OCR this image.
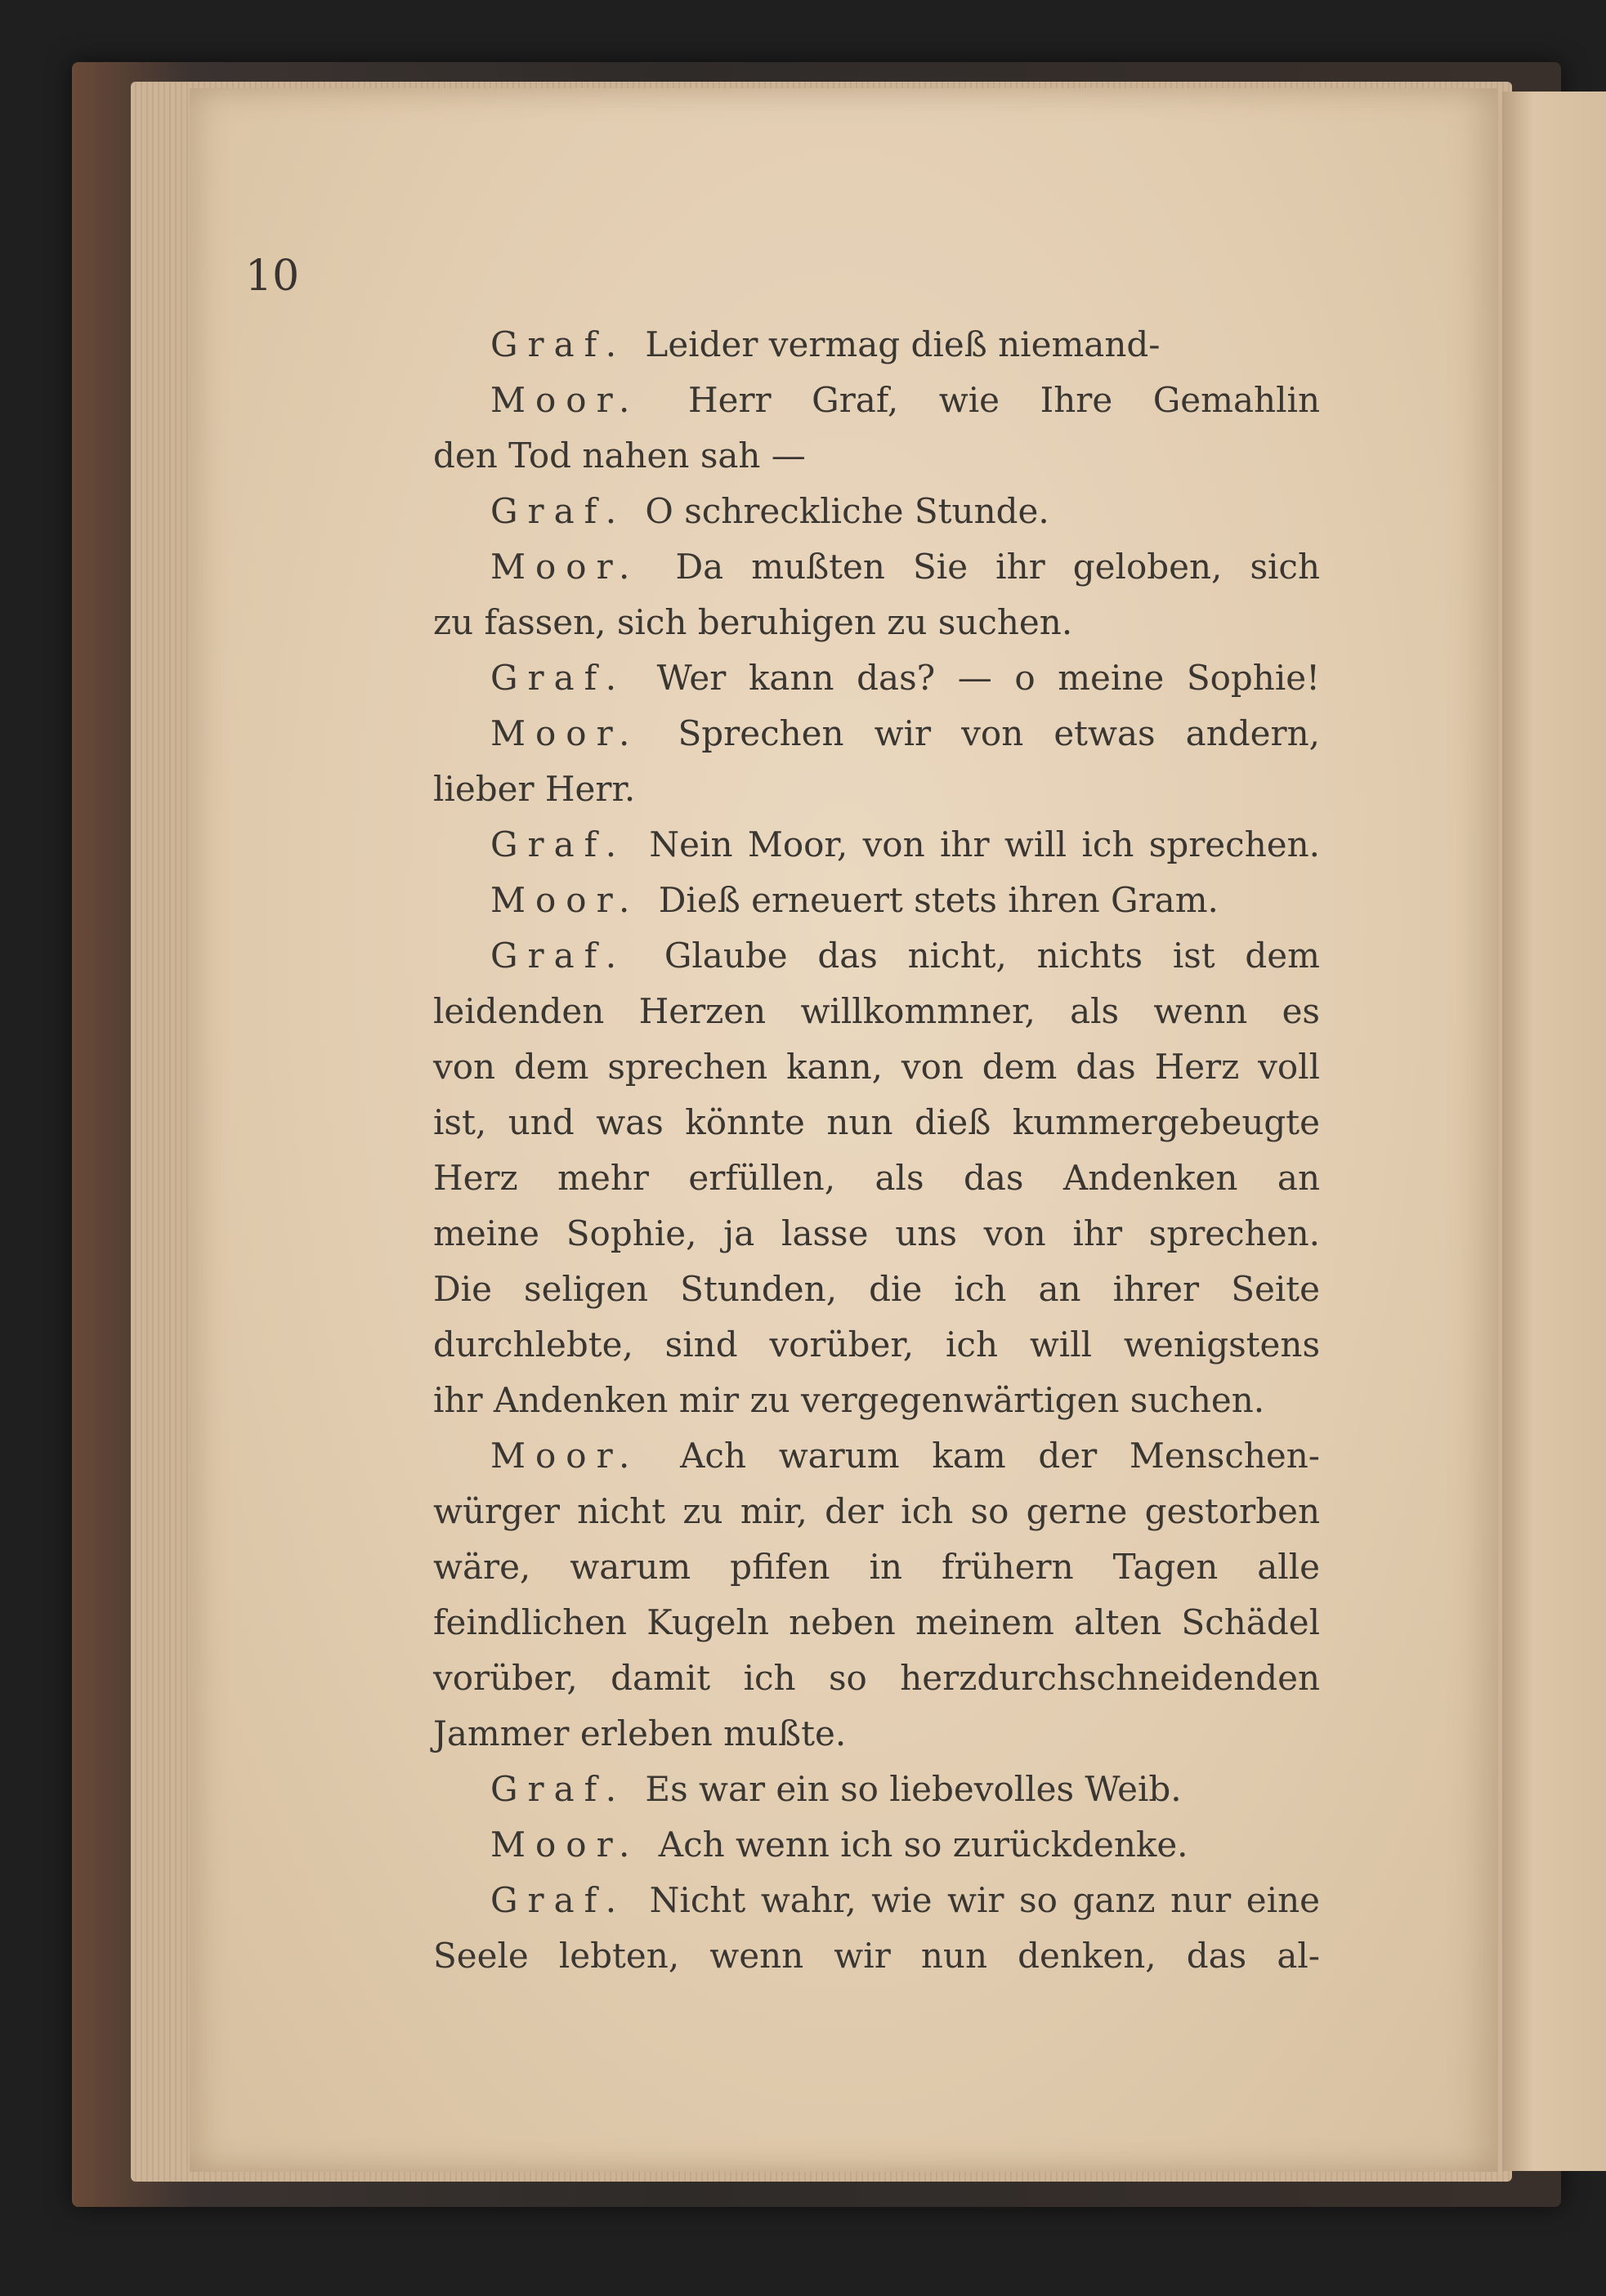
10
Graf. Leider vermag dieß niemand-
Moor. Herr Graf, wie Ihre Gemahlin
den Tod nahen sah —
Graf. O schreckliche Stunde.
Moor. Da mußten Sie ihr geloben, sich
zu fassen, sich beruhigen zu suchen.
Graf. Wer kann das? — o meine Sophie!
Moor. Sprechen wir von etwas andern,
lieber Herr.
Graf. Nein Moor, von ihr will ich sprechen.
Moor. Dieß erneuert stets ihren Gram.
Graf. Glaube das nicht, nichts ist dem
leidenden Herzen willkommner, als wenn es
von dem sprechen kann, von dem das Herz voll
ist, und was könnte nun dieß kummergebeugte
Herz mehr erfüllen, als das Andenken an
meine Sophie, ja lasse uns von ihr sprechen.
Die seligen Stunden, die ich an ihrer Seite
durchlebte, sind vorüber, ich will wenigstens
ihr Andenken mir zu vergegenwärtigen suchen.
Moor. Ach warum kam der Menschen-
würger nicht zu mir, der ich so gerne gestorben
wäre, warum pfifen in frühern Tagen alle
feindlichen Kugeln neben meinem alten Schädel
vorüber, damit ich so herzdurchschneidenden
Jammer erleben mußte.
Graf. Es war ein so liebevolles Weib.
Moor. Ach wenn ich so zurückdenke.
Graf. Nicht wahr, wie wir so ganz nur eine
Seele lebten, wenn wir nun denken, das al-
